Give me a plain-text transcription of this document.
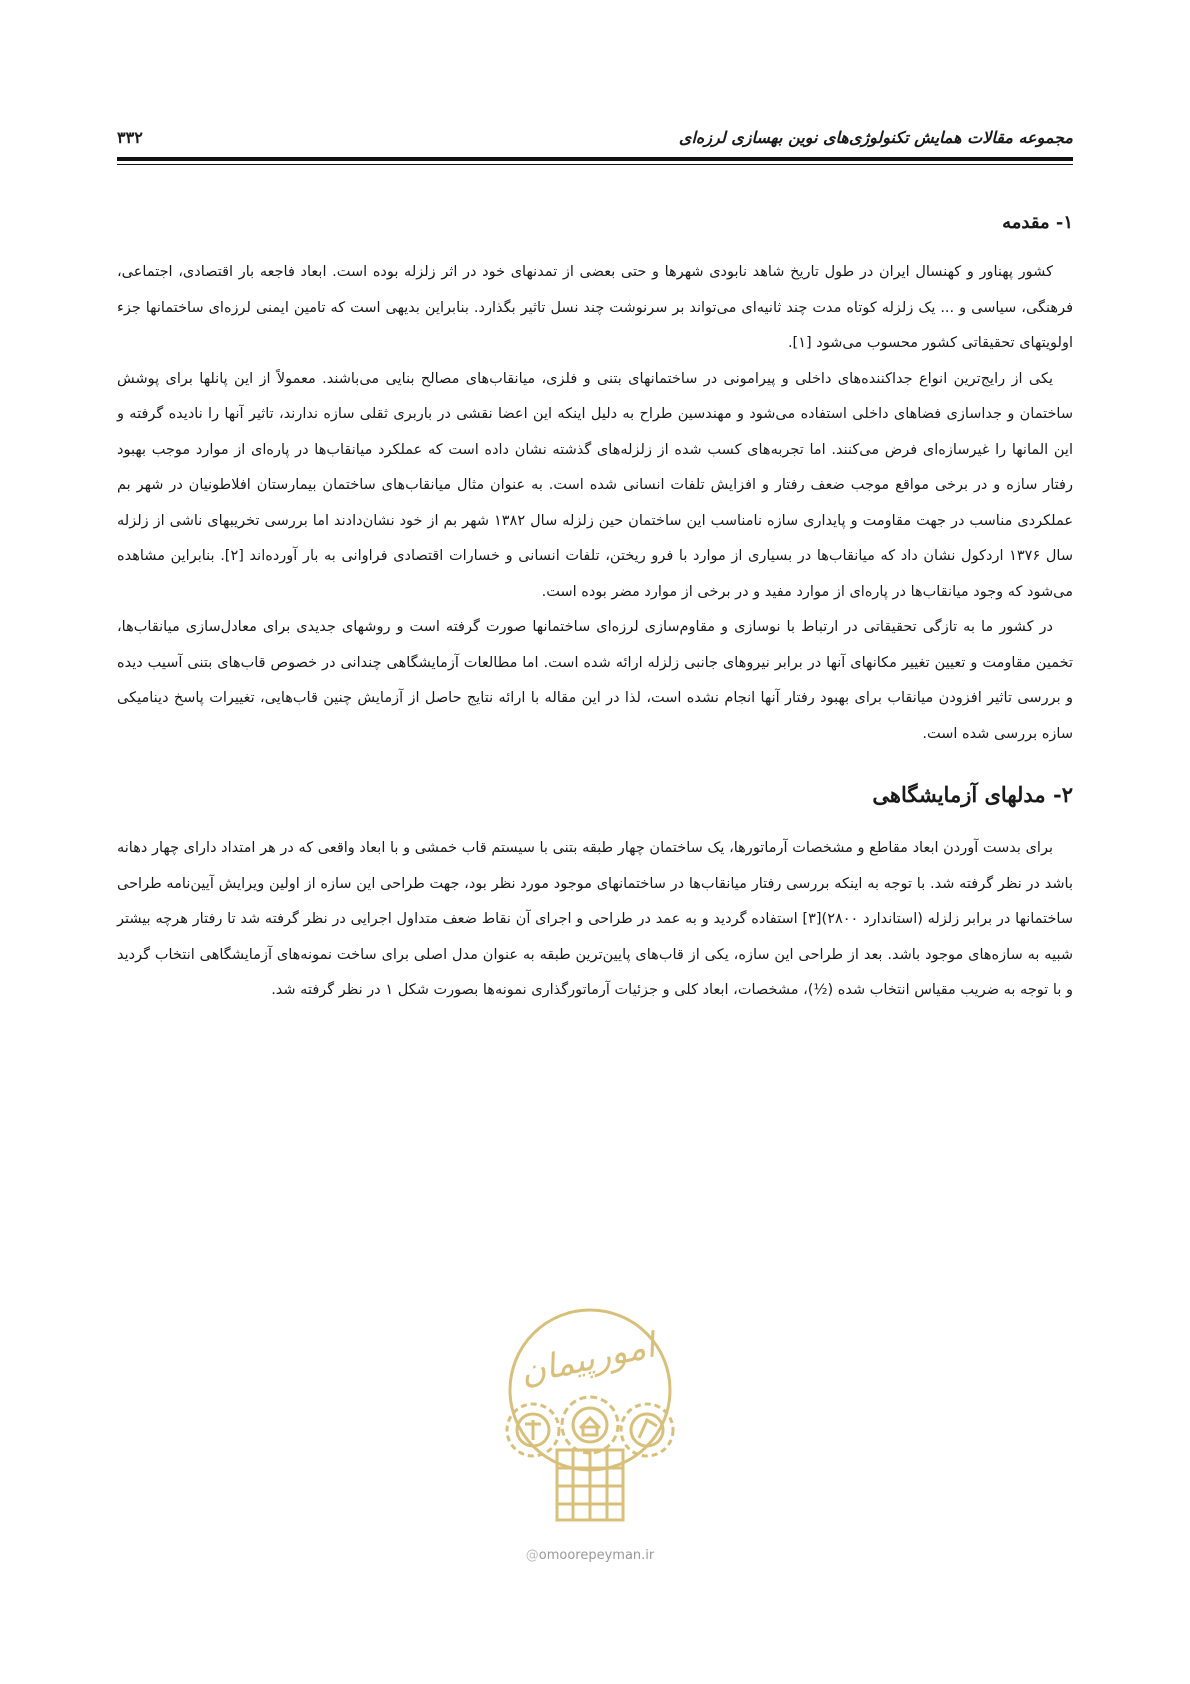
مجموعه مقالات همایش تکنولوژی‌های نوین بهسازی لرزه‌ای
۳۳۲
۱- مقدمه

کشور پهناور و کهنسال ایران در طول تاریخ شاهد نابودی شهرها و حتی بعضی از تمدنهای خود در اثر زلزله بوده است. ابعاد فاجعه بار اقتصادی، اجتماعی، فرهنگی، سیاسی و ... یک زلزله کوتاه مدت چند ثانیه‌ای می‌تواند بر سرنوشت چند نسل تاثیر بگذارد. بنابراین بدیهی است که تامین ایمنی لرزه‌ای ساختمانها جزء اولویتهای تحقیقاتی کشور محسوب می‌شود [۱].

یکی از رایج‌ترین انواع جداکننده‌های داخلی و پیرامونی در ساختمانهای بتنی و فلزی، میانقاب‌های مصالح بنایی می‌باشند. معمولاً از این پانلها برای پوشش ساختمان و جداسازی فضاهای داخلی استفاده می‌شود و مهندسین طراح به دلیل اینکه این اعضا نقشی در باربری ثقلی سازه ندارند، تاثیر آنها را نادیده گرفته و این المانها را غیرسازه‌ای فرض می‌کنند. اما تجربه‌های کسب شده از زلزله‌های گذشته نشان داده است که عملکرد میانقاب‌ها در پاره‌ای از موارد موجب بهبود رفتار سازه و در برخی مواقع موجب ضعف رفتار و افزایش تلفات انسانی شده است. به عنوان مثال میانقاب‌های ساختمان بیمارستان افلاطونیان در شهر بم عملکردی مناسب در جهت مقاومت و پایداری سازه نامناسب این ساختمان حین زلزله سال ۱۳۸۲ شهر بم از خود نشان‌دادند اما بررسی تخریبهای ناشی از زلزله سال ۱۳۷۶ اردکول نشان داد که میانقاب‌ها در بسیاری از موارد با فرو ریختن، تلفات انسانی و خسارات اقتصادی فراوانی به بار آورده‌اند [۲]. بنابراین مشاهده می‌شود که وجود میانقاب‌ها در پاره‌ای از موارد مفید و در برخی از موارد مضر بوده است.

در کشور ما به تازگی تحقیقاتی در ارتباط با نوسازی و مقاوم‌سازی لرزه‌ای ساختمانها صورت گرفته است و روشهای جدیدی برای معادل‌سازی میانقاب‌ها، تخمین مقاومت و تعیین تغییر مکانهای آنها در برابر نیروهای جانبی زلزله ارائه شده است. اما مطالعات آزمایشگاهی چندانی در خصوص قاب‌های بتنی آسیب دیده و بررسی تاثیر افزودن میانقاب برای بهبود رفتار آنها انجام نشده است، لذا در این مقاله با ارائه نتایج حاصل از آزمایش چنین قاب‌هایی، تغییرات پاسخ دینامیکی سازه بررسی شده است.

۲- مدلهای آزمایشگاهی

برای بدست آوردن ابعاد مقاطع و مشخصات آرماتورها، یک ساختمان چهار طبقه بتنی با سیستم قاب خمشی و با ابعاد واقعی که در هر امتداد دارای چهار دهانه باشد در نظر گرفته شد. با توجه به اینکه بررسی رفتار میانقاب‌ها در ساختمانهای موجود مورد نظر بود، جهت طراحی این سازه از اولین ویرایش آیین‌نامه طراحی ساختمانها در برابر زلزله (استاندارد ۲۸۰۰)[۳] استفاده گردید و به عمد در طراحی و اجرای آن نقاط ضعف متداول اجرایی در نظر گرفته شد تا رفتار هرچه بیشتر شبیه به سازه‌های موجود باشد. بعد از طراحی این سازه، یکی از قاب‌های پایین‌ترین طبقه به عنوان مدل اصلی برای ساخت نمونه‌های آزمایشگاهی انتخاب گردید و با توجه به ضریب مقیاس انتخاب شده (½)، مشخصات، ابعاد کلی و جزئیات آرماتورگذاری نمونه‌ها بصورت شکل ۱ در نظر گرفته شد.

امورپیمان
@omoorepeyman.ir
